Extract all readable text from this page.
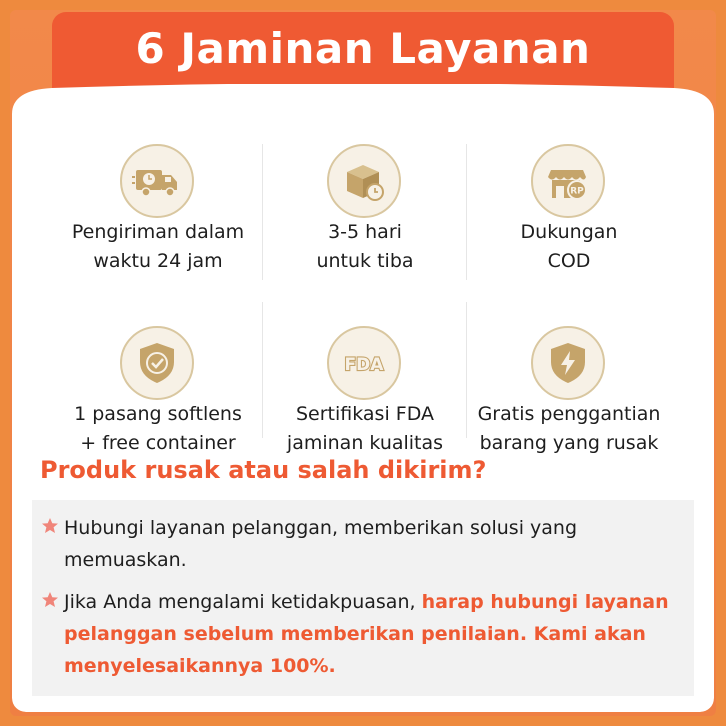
6 Jaminan Layanan
Pengiriman dalam
waktu 24 jam
3-5 hari
untuk tiba
RP
Dukungan
COD
1 pasang softlens
+ free container
FDA
Sertifikasi FDA
jaminan kualitas
Gratis penggantian
barang yang rusak
Produk rusak atau salah dikirim?
Hubungi layanan pelanggan, memberikan solusi yang memuaskan.
Jika Anda mengalami ketidakpuasan, harap hubungi layanan pelanggan sebelum memberikan penilaian. Kami akan menyelesaikannya 100%.
